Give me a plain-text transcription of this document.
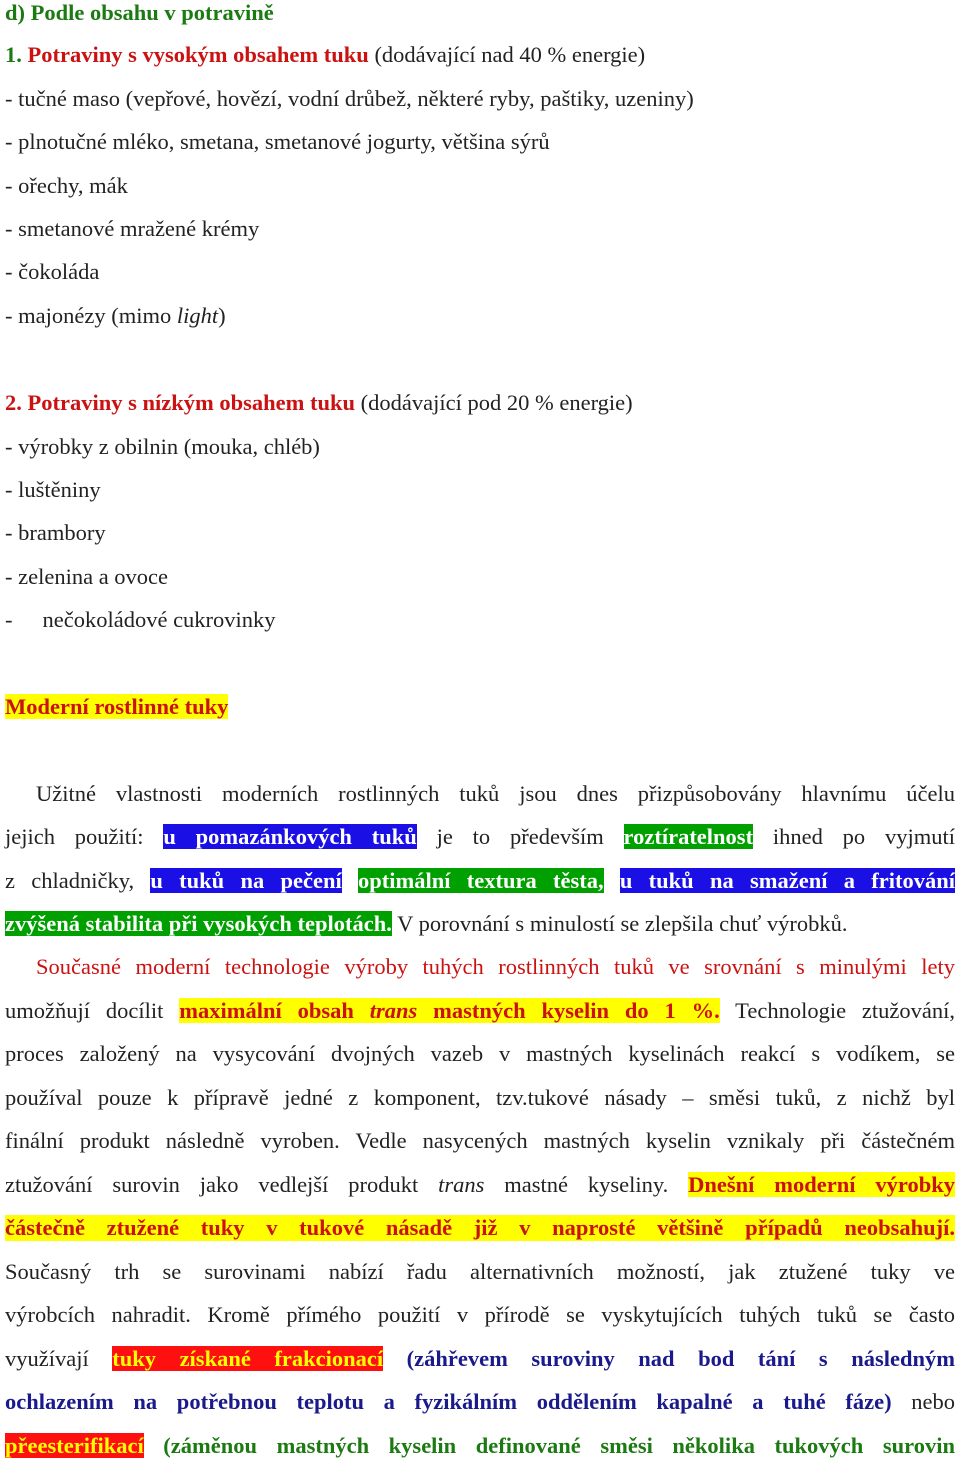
d) Podle obsahu v potravině
1. Potraviny s vysokým obsahem tuku (dodávající nad 40 % energie)
- tučné maso (vepřové, hovězí, vodní drůbež, některé ryby, paštiky, uzeniny)
- plnotučné mléko, smetana, smetanové jogurty, většina sýrů
- ořechy, mák
- smetanové mražené krémy
- čokoláda
- majonézy (mimo light)
2. Potraviny s nízkým obsahem tuku (dodávající pod 20 % energie)
- výrobky z obilnin (mouka, chléb)
- luštěniny
- brambory
- zelenina a ovoce
- nečokoládové cukrovinky
Moderní rostlinné tuky
Užitné vlastnosti moderních rostlinných tuků jsou dnes přizpůsobovány hlavnímu účelu
jejich použití: u pomazánkových tuků je to především roztíratelnost ihned po vyjmutí
z chladničky, u tuků na pečení optimální textura těsta, u tuků na smažení a fritování
zvýšená stabilita při vysokých teplotách. V porovnání s minulostí se zlepšila chuť výrobků.
Současné moderní technologie výroby tuhých rostlinných tuků ve srovnání s minulými lety
umožňují docílit maximální obsah trans mastných kyselin do 1 %. Technologie ztužování,
proces založený na vysycování dvojných vazeb v mastných kyselinách reakcí s vodíkem, se
používal pouze k přípravě jedné z komponent, tzv.tukové násady – směsi tuků, z nichž byl
finální produkt následně vyroben. Vedle nasycených mastných kyselin vznikaly při částečném
ztužování surovin jako vedlejší produkt trans mastné kyseliny. Dnešní moderní výrobky
částečně ztužené tuky v tukové násadě již v naprosté většině případů neobsahují.
Současný trh se surovinami nabízí řadu alternativních možností, jak ztužené tuky ve
výrobcích nahradit. Kromě přímého použití v přírodě se vyskytujících tuhých tuků se často
využívají tuky získané frakcionací (záhřevem suroviny nad bod tání s následným
ochlazením na potřebnou teplotu a fyzikálním oddělením kapalné a tuhé fáze) nebo
přeesterifikací (záměnou mastných kyselin definované směsi několika tukových surovin
